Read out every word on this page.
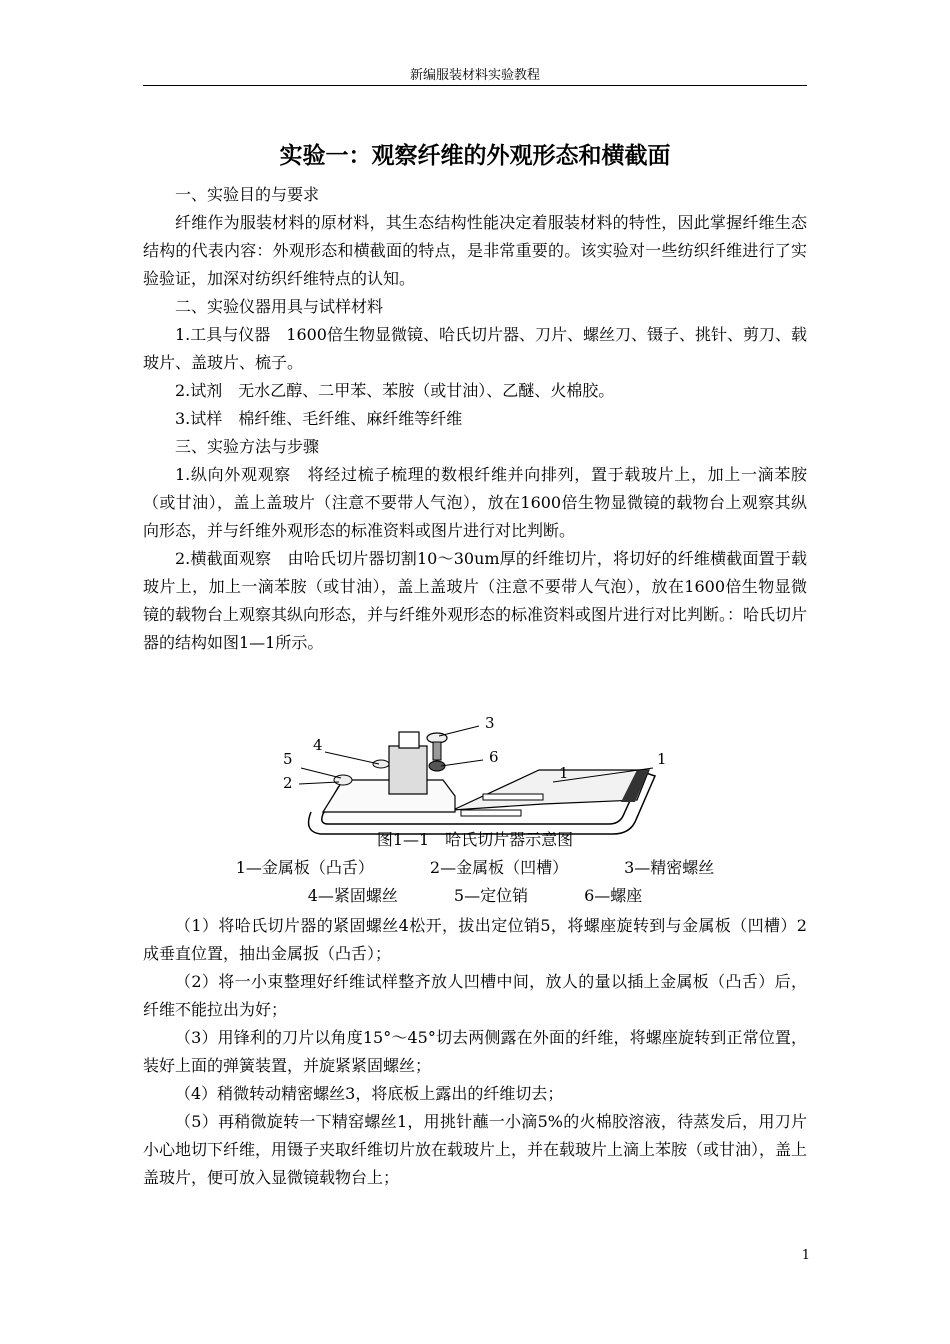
新编服装材料实验教程
实验一：观察纤维的外观形态和横截面

一、实验目的与要求

纤维作为服装材料的原材料，其生态结构性能决定着服装材料的特性，因此掌握纤维生态结构的代表内容：外观形态和横截面的特点，是非常重要的。该实验对一些纺织纤维进行了实验验证，加深对纺织纤维特点的认知。

二、实验仪器用具与试样材料

1.工具与仪器　1600倍生物显微镜、哈氏切片器、刀片、螺丝刀、镊子、挑针、剪刀、载玻片、盖玻片、梳子。

2.试剂　无水乙醇、二甲苯、苯胺（或甘油）、乙醚、火棉胶。

3.试样　棉纤维、毛纤维、麻纤维等纤维

三、实验方法与步骤

1.纵向外观观察　将经过梳子梳理的数根纤维并向排列，置于载玻片上，加上一滴苯胺（或甘油），盖上盖玻片（注意不要带人气泡），放在1600倍生物显微镜的载物台上观察其纵向形态，并与纤维外观形态的标准资料或图片进行对比判断。

2.横截面观察　由哈氏切片器切割10～30um厚的纤维切片，将切好的纤维横截面置于载玻片上，加上一滴苯胺（或甘油），盖上盖玻片（注意不要带人气泡），放在1600倍生物显微镜的载物台上观察其纵向形态，并与纤维外观形态的标准资料或图片进行对比判断。：哈氏切片器的结构如图1—1所示。

3
4
5	6	1
1
2
图1—1　哈氏切片器示意图
1—金属板（凸舌）	2—金属板（凹槽）	3—精密螺丝
4—紧固螺丝	5—定位销	6—螺座

（1）将哈氏切片器的紧固螺丝4松开，拔出定位销5，将螺座旋转到与金属板（凹槽）2成垂直位置，抽出金属扳（凸舌）；

（2）将一小束整理好纤维试样整齐放人凹槽中间，放人的量以插上金属板（凸舌）后，纤维不能拉出为好；

（3）用锋利的刀片以角度15°～45°切去两侧露在外面的纤维，将螺座旋转到正常位置，装好上面的弹簧装置，并旋紧紧固螺丝；

（4）稍微转动精密螺丝3，将底板上露出的纤维切去；

（5）再稍微旋转一下精窑螺丝1，用挑针蘸一小滴5%的火棉胶溶液，待蒸发后，用刀片小心地切下纤维，用镊子夹取纤维切片放在载玻片上，并在载玻片上滴上苯胺（或甘油），盖上盖玻片，便可放入显微镜载物台上；

1
